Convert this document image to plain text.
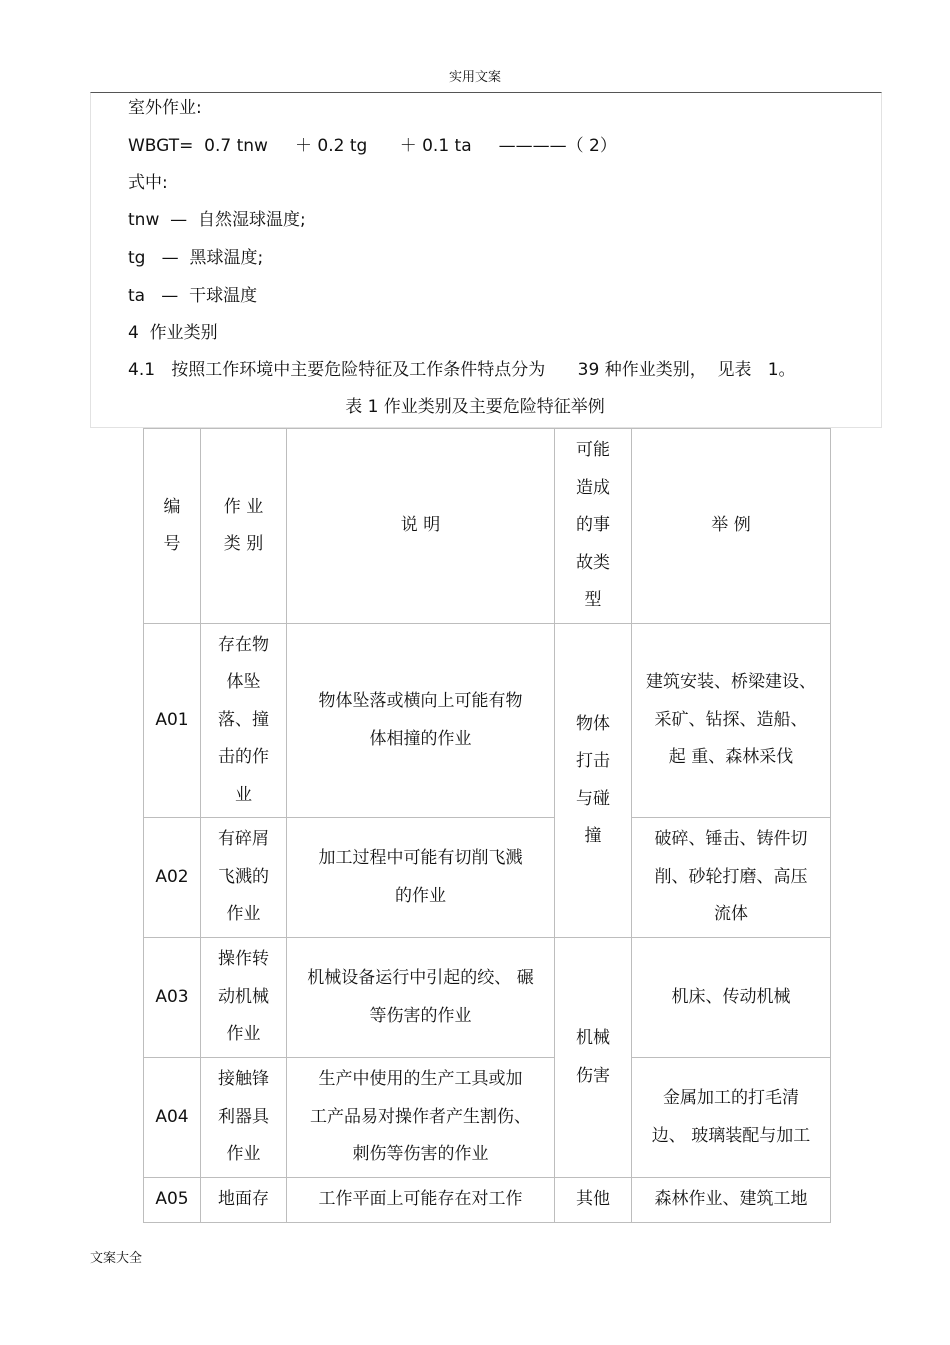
实用文案
室外作业:
WBGT=  0.7 tnw     ＋ 0.2 tg      ＋ 0.1 ta     ————（ 2）
式中:
tnw  —  自然湿球温度;
tg   —  黑球温度;
ta   —  干球温度
4  作业类别
4.1   按照工作环境中主要危险特征及工作条件特点分为      39 种作业类别，  见表   1。
表 1 作业类别及主要危险特征举例
编
号	作 业
类 别	说 明	可能
造成
的事
故类
型	举 例
A01	存在物
体坠
落、撞
击的作
业	物体坠落或横向上可能有物
体相撞的作业	物体
打击
与碰
撞	建筑安装、桥梁建设、
采矿、钻探、造船、
起 重、森林采伐
A02	有碎屑
飞溅的
作业	加工过程中可能有切削飞溅
的作业		破碎、锤击、铸件切
削、砂轮打磨、高压
流体
A03	操作转
动机械
作业	机械设备运行中引起的绞、 碾
等伤害的作业	机械
伤害	机床、传动机械
A04	接触锋
利器具
作业	生产中使用的生产工具或加
工产品易对操作者产生割伤、
刺伤等伤害的作业		金属加工的打毛清
边、 玻璃装配与加工
A05	地面存	工作平面上可能存在对工作	其他	森林作业、建筑工地
文案大全
